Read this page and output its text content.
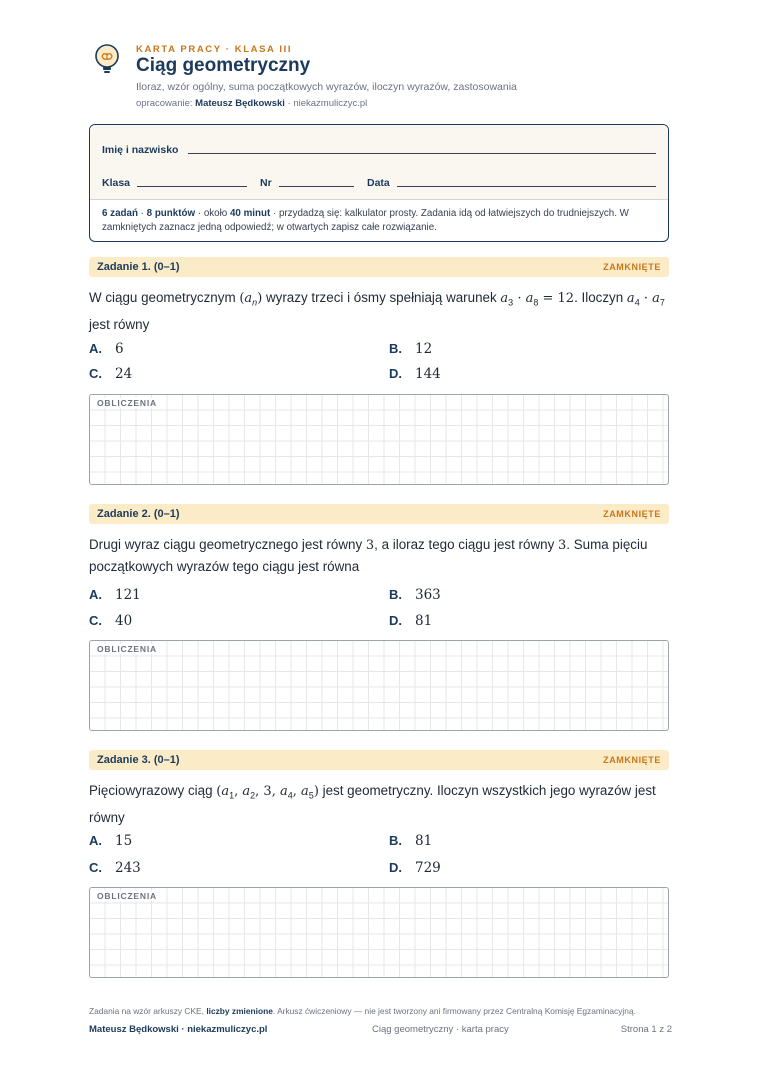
KARTA PRACY · KLASA III
Ciąg geometryczny
Iloraz, wzór ogólny, suma początkowych wyrazów, iloczyn wyrazów, zastosowania
opracowanie: Mateusz Będkowski · niekazmuliczyc.pl
Imię i nazwisko
Klasa	Nr	Data
6 zadań · 8 punktów · około 40 minut · przydadzą się: kalkulator prosty. Zadania idą od łatwiejszych do trudniejszych. W zamkniętych zaznacz jedną odpowiedź; w otwartych zapisz całe rozwiązanie.
Zadanie 1. (0–1)	ZAMKNIĘTE
W ciągu geometrycznym $(a_n)$ wyrazy trzeci i ósmy spełniają warunek $a_3 \cdot a_8 = 12$. Iloczyn $a_4 \cdot a_7$ jest równy
A. 6	B. 12
C. 24	D. 144
OBLICZENIA
Zadanie 2. (0–1)	ZAMKNIĘTE
Drugi wyraz ciągu geometrycznego jest równy 3, a iloraz tego ciągu jest równy 3. Suma pięciu początkowych wyrazów tego ciągu jest równa
A. 121	B. 363
C. 40	D. 81
OBLICZENIA
Zadanie 3. (0–1)	ZAMKNIĘTE
Pięciowyrazowy ciąg ($a_1$, $a_2$, 3, $a_4$, $a_5$) jest geometryczny. Iloczyn wszystkich jego wyrazów jest równy
A. 15	B. 81
C. 243	D. 729
OBLICZENIA
Zadania na wzór arkuszy CKE, liczby zmienione. Arkusz ćwiczeniowy — nie jest tworzony ani firmowany przez Centralną Komisję Egzaminacyjną.
Mateusz Będkowski · niekazmuliczyc.pl	Ciąg geometryczny · karta pracy	Strona 1 z 2
